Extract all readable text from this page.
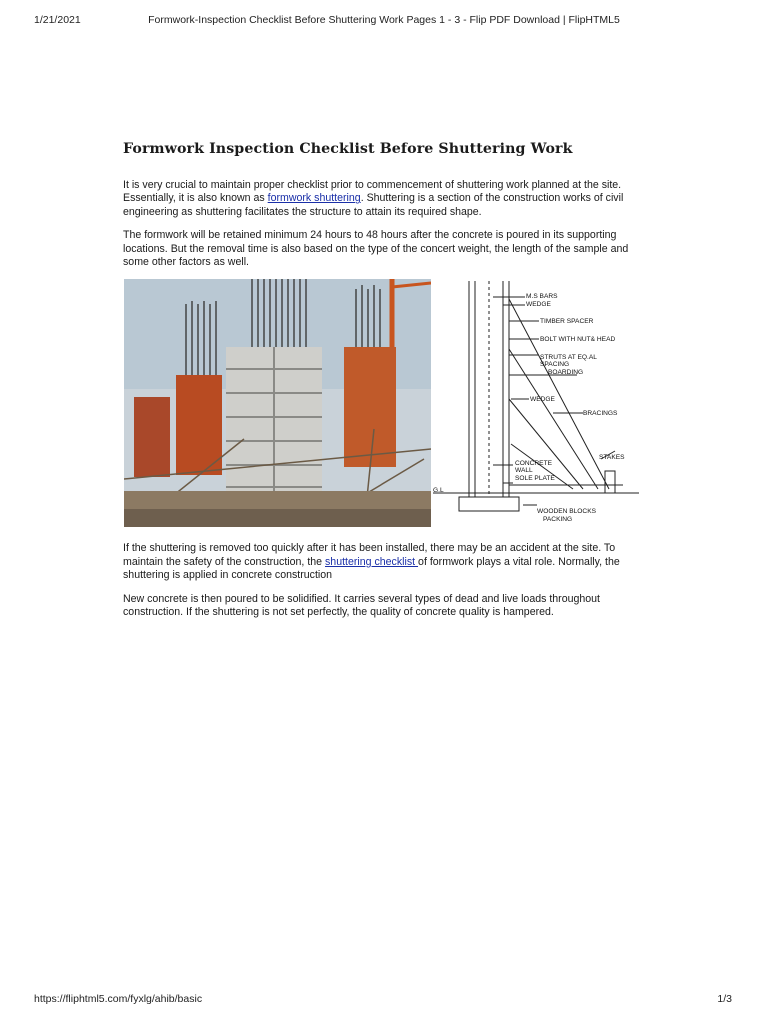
1/21/2021	Formwork-Inspection Checklist Before Shuttering Work Pages 1 - 3 - Flip PDF Download | FlipHTML5
Formwork Inspection Checklist Before Shuttering Work

It is very crucial to maintain proper checklist prior to commencement of shuttering work planned at the site. Essentially, it is also known as formwork shuttering. Shuttering is a section of the construction works of civil engineering as shuttering facilitates the structure to attain its required shape.

The formwork will be retained minimum 24 hours to 48 hours after the concrete is poured in its supporting locations. But the removal time is also based on the type of the concert weight, the length of the sample and some other factors as well.

M.S BARS
WEDGE
TIMBER SPACER
BOLT WITH NUT& HEAD
STRUTS AT EQ.AL
SPACING
BOARDING
WEDGE
BRACINGS
STAKES
CONCRETE
WALL
SOLE PLATE
G.L
WOODEN BLOCKS
PACKING

If the shuttering is removed too quickly after it has been installed, there may be an accident at the site. To maintain the safety of the construction, the shuttering checklist of formwork plays a vital role. Normally, the shuttering is applied in concrete construction

New concrete is then poured to be solidified. It carries several types of dead and live loads throughout construction. If the shuttering is not set perfectly, the quality of concrete quality is hampered.

https://fliphtml5.com/fyxlg/ahib/basic	1/3
